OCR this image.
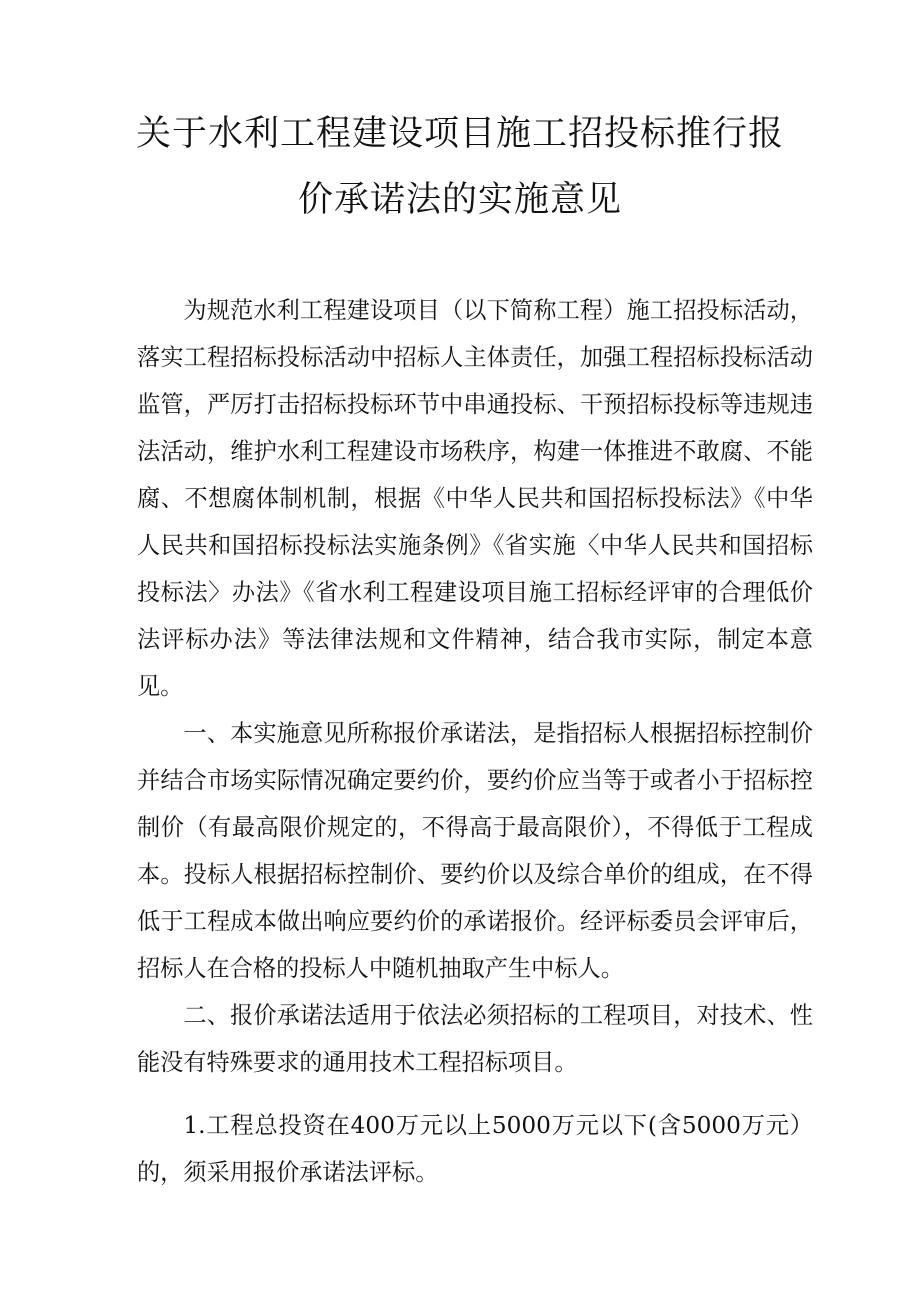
关于水利工程建设项目施工招投标推行报
价承诺法的实施意见

为规范水利工程建设项目（以下简称工程）施工招投标活动，落实工程招标投标活动中招标人主体责任，加强工程招标投标活动监管，严厉打击招标投标环节中串通投标、干预招标投标等违规违法活动，维护水利工程建设市场秩序，构建一体推进不敢腐、不能腐、不想腐体制机制，根据《中华人民共和国招标投标法》《中华人民共和国招标投标法实施条例》《省实施〈中华人民共和国招标投标法〉办法》《省水利工程建设项目施工招标经评审的合理低价法评标办法》等法律法规和文件精神，结合我市实际，制定本意见。

一、本实施意见所称报价承诺法，是指招标人根据招标控制价并结合市场实际情况确定要约价，要约价应当等于或者小于招标控制价（有最高限价规定的，不得高于最高限价），不得低于工程成本。投标人根据招标控制价、要约价以及综合单价的组成，在不得低于工程成本做出响应要约价的承诺报价。经评标委员会评审后，招标人在合格的投标人中随机抽取产生中标人。

二、报价承诺法适用于依法必须招标的工程项目，对技术、性能没有特殊要求的通用技术工程招标项目。

1.工程总投资在400万元以上5000万元以下(含5000万元）的，须采用报价承诺法评标。
